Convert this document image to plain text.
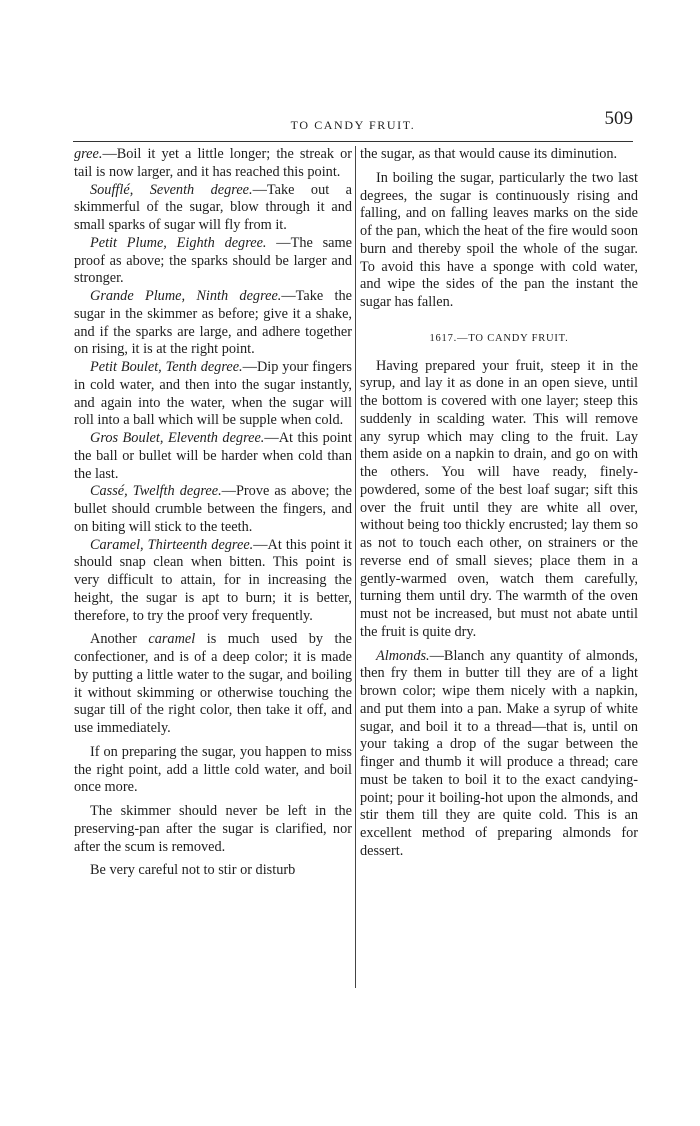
TO CANDY FRUIT.	509

gree.—Boil it yet a little longer; the streak or tail is now larger, and it has reached this point.

Soufflé, Seventh degree.—Take out a skimmerful of the sugar, blow through it and small sparks of sugar will fly from it.

Petit Plume, Eighth degree. —The same proof as above; the sparks should be larger and stronger.

Grande Plume, Ninth degree.—Take the sugar in the skimmer as before; give it a shake, and if the sparks are large, and adhere together on rising, it is at the right point.

Petit Boulet, Tenth degree.—Dip your fingers in cold water, and then into the sugar instantly, and again into the water, when the sugar will roll into a ball which will be supple when cold.

Gros Boulet, Eleventh degree.—At this point the ball or bullet will be harder when cold than the last.

Cassé, Twelfth degree.—Prove as above; the bullet should crumble between the fingers, and on biting will stick to the teeth.

Caramel, Thirteenth degree.—At this point it should snap clean when bitten. This point is very difficult to attain, for in increasing the height, the sugar is apt to burn; it is better, therefore, to try the proof very frequently.

Another caramel is much used by the confectioner, and is of a deep color; it is made by putting a little water to the sugar, and boiling it without skimming or otherwise touching the sugar till of the right color, then take it off, and use immediately.

If on preparing the sugar, you happen to miss the right point, add a little cold water, and boil once more.

The skimmer should never be left in the preserving-pan after the sugar is clarified, nor after the scum is removed.

Be very careful not to stir or disturb

the sugar, as that would cause its diminution.

In boiling the sugar, particularly the two last degrees, the sugar is continuously rising and falling, and on falling leaves marks on the side of the pan, which the heat of the fire would soon burn and thereby spoil the whole of the sugar. To avoid this have a sponge with cold water, and wipe the sides of the pan the instant the sugar has fallen.

1617.—TO CANDY FRUIT.

Having prepared your fruit, steep it in the syrup, and lay it as done in an open sieve, until the bottom is covered with one layer; steep this suddenly in scalding water. This will remove any syrup which may cling to the fruit. Lay them aside on a napkin to drain, and go on with the others. You will have ready, finely-powdered, some of the best loaf sugar; sift this over the fruit until they are white all over, without being too thickly encrusted; lay them so as not to touch each other, on strainers or the reverse end of small sieves; place them in a gently-warmed oven, watch them carefully, turning them until dry. The warmth of the oven must not be increased, but must not abate until the fruit is quite dry.

Almonds.—Blanch any quantity of almonds, then fry them in butter till they are of a light brown color; wipe them nicely with a napkin, and put them into a pan. Make a syrup of white sugar, and boil it to a thread—that is, until on your taking a drop of the sugar between the finger and thumb it will produce a thread; care must be taken to boil it to the exact candying-point; pour it boiling-hot upon the almonds, and stir them till they are quite cold. This is an excellent method of preparing almonds for dessert.
